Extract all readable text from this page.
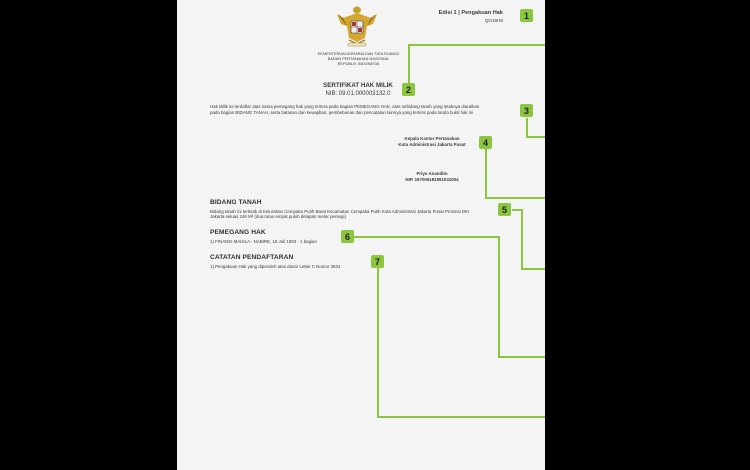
Edisi 1 | Pengakuan Hak
QO19H8
KEMENTERIAN AGRARIA DAN TATA RUANG/
BADAN PERTANAHAN NASIONAL
REPUBLIK INDONESIA
SERTIFIKAT HAK MILIK
NIB: 09.01.000003132.0
Hak Milik ini terdaftar atas nama pemegang hak yang tertera pada bagian PEMEGANG HAK, atas sebidang tanah yang letaknya diuraikan
pada bagian BIDANG TANAH, serta batasan dan kewajiban, pembebanan dan pencatatan lainnya yang tertera pada tanda bukti hak ini
Kepala Kantor Pertanahan
Kota Administrasi Jakarta Pusat
Priyo Anandito
NIP. 197006181991031004
BIDANG TANAH
Bidang tanah ini terletak di Kelurahan Cempaka Putih Barat Kecamatan Cempaka Putih Kota Administrasi Jakarta Pusat Provinsi DKI
Jakarta seluas 248 M² (dua ratus empat puluh delapan meter persegi)
PEMEGANG HAK
1) FINANSI MAHILA - NABIRE, 18 Juli 1993 - 1 bagian
CATATAN PENDAFTARAN
1) Pengakuan Hak yang diperoleh atas dasar Letter C Nomor 3931
1
2
3
4
5
6
7
